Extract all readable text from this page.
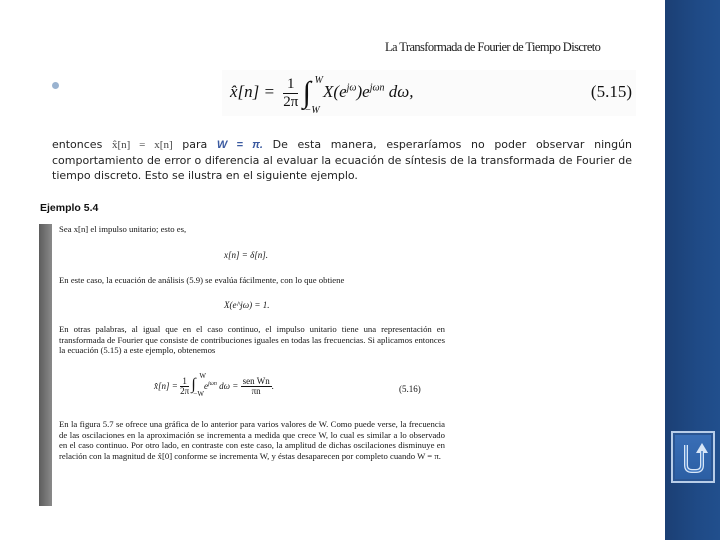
La Transformada de Fourier de Tiempo Discreto
x̂[n] = $\frac{1}{2\pi}$ ∫ W
−W
$X(e^{j\omega})e^{j\omega n}$ dω,	(5.15)
entonces x̂[n] = x[n] para W = π. De esta manera, esperaríamos no poder observar ningún comportamiento de error o diferencia al evaluar la ecuación de síntesis de la transformada de Fourier de tiempo discreto. Esto se ilustra en el siguiente ejemplo.
Ejemplo 5.4
Sea x[n] el impulso unitario; esto es,
x[n] = δ[n].
En este caso, la ecuación de análisis (5.9) se evalúa fácilmente, con lo que obtiene
X(e^jω) = 1.
En otras palabras, al igual que en el caso continuo, el impulso unitario tiene una representación en transformada de Fourier que consiste de contribuciones iguales en todas las frecuencias. Si aplicamos entonces la ecuación (5.15) a este ejemplo, obtenemos
x̂[n] = $\frac{1}{2\pi}$ ∫ W
−W
$e^{j\omega n}$ $d\omega = \frac{\text{sen Wn}}{\pi n}$ .	(5.16)
En la figura 5.7 se ofrece una gráfica de lo anterior para varios valores de W. Como puede verse, la frecuencia de las oscilaciones en la aproximación se incrementa a medida que crece W, lo cual es similar a lo observado en el caso continuo. Por otro lado, en contraste con este caso, la amplitud de dichas oscilaciones disminuye en relación con la magnitud de x̂[0] conforme se incrementa W, y éstas desaparecen por completo cuando W = π.
